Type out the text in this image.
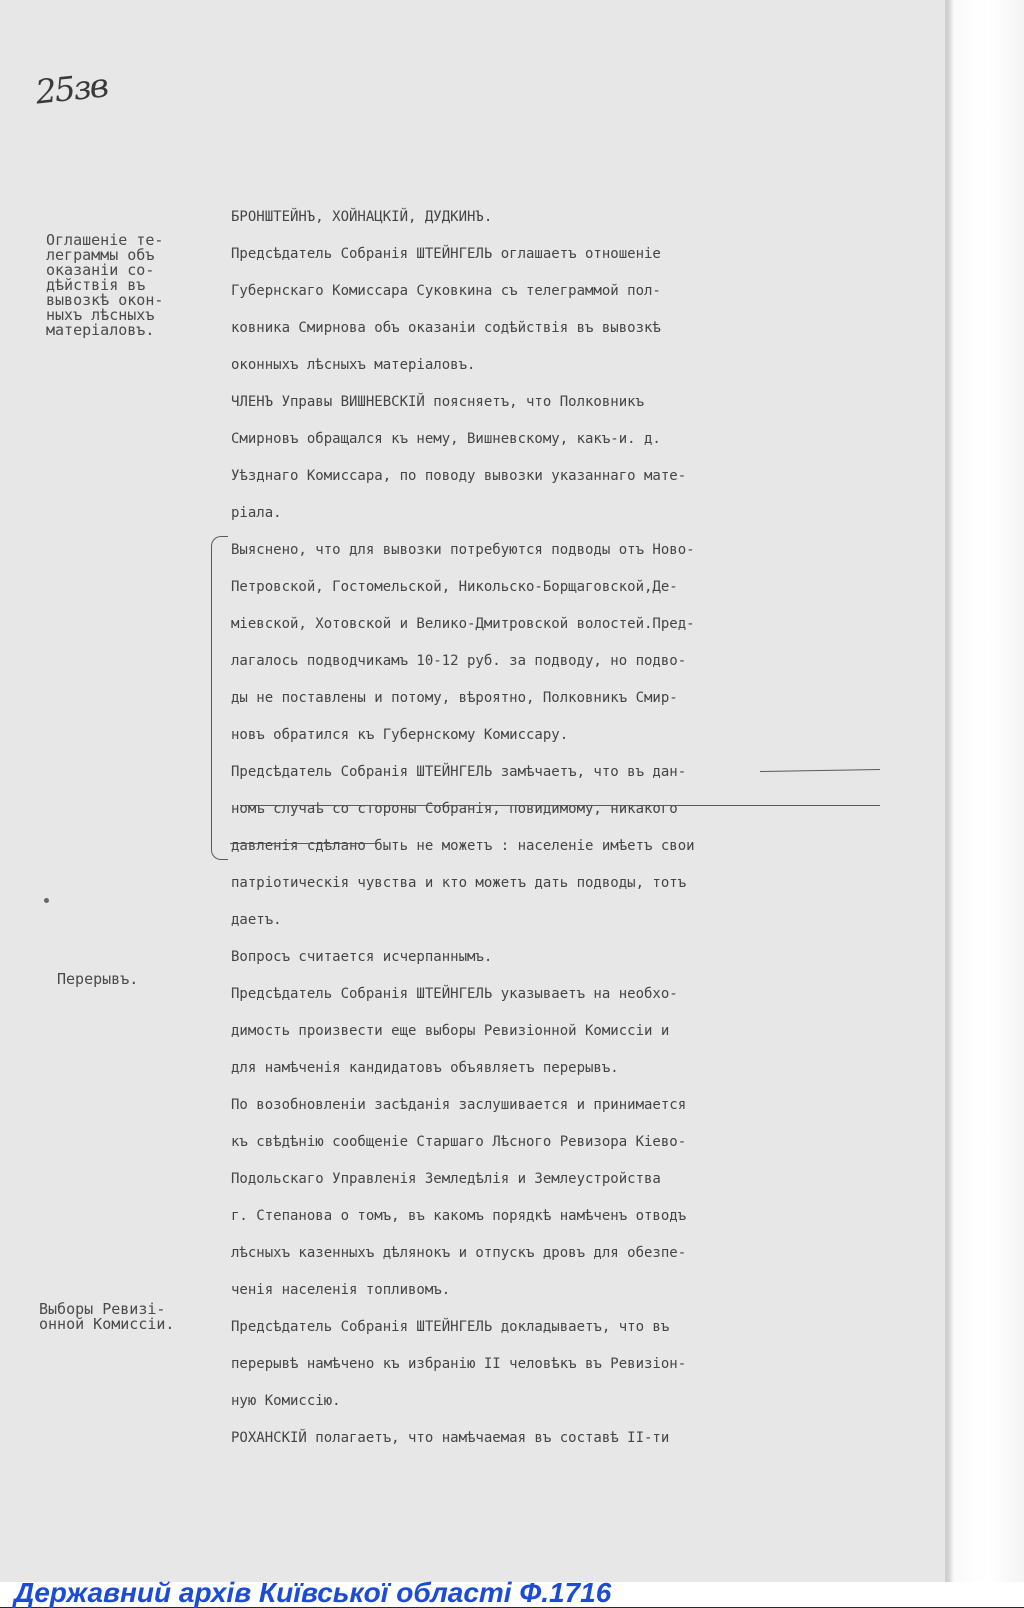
25зв

БРОНШТЕЙНЪ, ХОЙНАЦКІЙ, ДУДКИНЪ.

Предсѣдатель Собранія ШТЕЙНГЕЛЬ оглашаетъ отношеніе
Губернскаго Комиссара Суковкина съ телеграммой пол-
ковника Смирнова объ оказаніи содѣйствія въ вывозкѣ
оконныхъ лѣсныхъ матеріаловъ.

ЧЛЕНЪ Управы ВИШНЕВСКІЙ поясняетъ, что Полковникъ
Смирновъ обращался къ нему, Вишневскому, какъ-и. д.
Уѣзднаго Комиссара, по поводу вывозки указаннаго мате-
ріала.

Выяснено, что для вывозки потребуются подводы отъ Ново-
Петровской, Гостомельской, Никольско-Борщаговской,Де-
міевской, Хотовской и Велико-Дмитровской волостей.Пред-
лагалось подводчикамъ 10-12 руб. за подводу, но подво-
ды не поставлены и потому, вѣроятно, Полковникъ Смир-
новъ обратился къ Губернскому Комиссару.

Предсѣдатель Собранія ШТЕЙНГЕЛЬ замѣчаетъ, что въ дан-
номъ случаѣ со стороны Собранія, повидимому, никакого
давленія сдѣлано быть не можетъ : населеніе имѣетъ свои
патріотическія чувства и кто можетъ дать подводы, тотъ
даетъ.

Вопросъ считается исчерпаннымъ.

Предсѣдатель Собранія ШТЕЙНГЕЛЬ указываетъ на необхо-
димость произвести еще выборы Ревизіонной Комиссіи и
для намѣченія кандидатовъ объявляетъ перерывъ.

По возобновленіи засѣданія заслушивается и принимается
къ свѣдѣнію сообщеніе Старшаго Лѣсного Ревизора Кіево-
Подольскаго Управленія Земледѣлія и Землеустройства
г. Степанова о томъ, въ какомъ порядкѣ намѣченъ отводъ
лѣсныхъ казенныхъ дѣлянокъ и отпускъ дровъ для обезпе-
ченія населенія топливомъ.

Предсѣдатель Собранія ШТЕЙНГЕЛЬ докладываетъ, что въ
перерывѣ намѣчено къ избранію II человѣкъ въ Ревизіон-
ную Комиссію.

РОХАНСКІЙ полагаетъ, что намѣчаемая въ составѣ II-ти

Оглашеніе те-
леграммы объ
оказаніи со-
дѣйствія въ
вывозкѣ окон-
ныхъ лѣсныхъ
матеріаловъ.

Перерывъ.

Выборы Ревизі-
онной Комиссіи.

Державний архів Київської області Ф.1716
